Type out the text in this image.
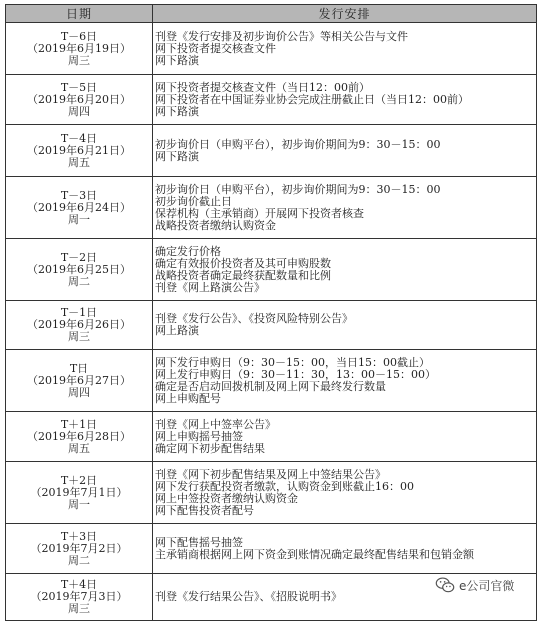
日期	发行安排

T－6日
（2019年6月19日）
周三	刊登《发行安排及初步询价公告》等相关公告与文件
网下投资者提交核查文件
网下路演

T－5日
（2019年6月20日）
周四	网下投资者提交核查文件（当日12：00前）
网下投资者在中国证券业协会完成注册截止日（当日12：00前）
网下路演

T－4日
（2019年6月21日）
周五	初步询价日（申购平台），初步询价期间为9：30－15：00
网下路演

T－3日
（2019年6月24日）
周一	初步询价日（申购平台），初步询价期间为9：30－15：00
初步询价截止日
保荐机构（主承销商）开展网下投资者核查
战略投资者缴纳认购资金

T－2日
（2019年6月25日）
周二	确定发行价格
确定有效报价投资者及其可申购股数
战略投资者确定最终获配数量和比例
刊登《网上路演公告》

T－1日
（2019年6月26日）
周三	刊登《发行公告》、《投资风险特别公告》
网上路演

T日
（2019年6月27日）
周四	网下发行申购日（9：30－15：00，当日15：00截止）
网上发行申购日（9：30－11：30，13：00－15：00）
确定是否启动回拨机制及网上网下最终发行数量
网上申购配号

T＋1日
（2019年6月28日）
周五	刊登《网上中签率公告》
网上申购摇号抽签
确定网下初步配售结果

T＋2日
（2019年7月1日）
周一	刊登《网下初步配售结果及网上中签结果公告》
网下发行获配投资者缴款，认购资金到账截止16：00
网上中签投资者缴纳认购资金
网下配售投资者配号

T＋3日
（2019年7月2日）
周二	网下配售摇号抽签
主承销商根据网上网下资金到账情况确定最终配售结果和包销金额

T＋4日
（2019年7月3日）
周三	刊登《发行结果公告》、《招股说明书》
e公司官微
